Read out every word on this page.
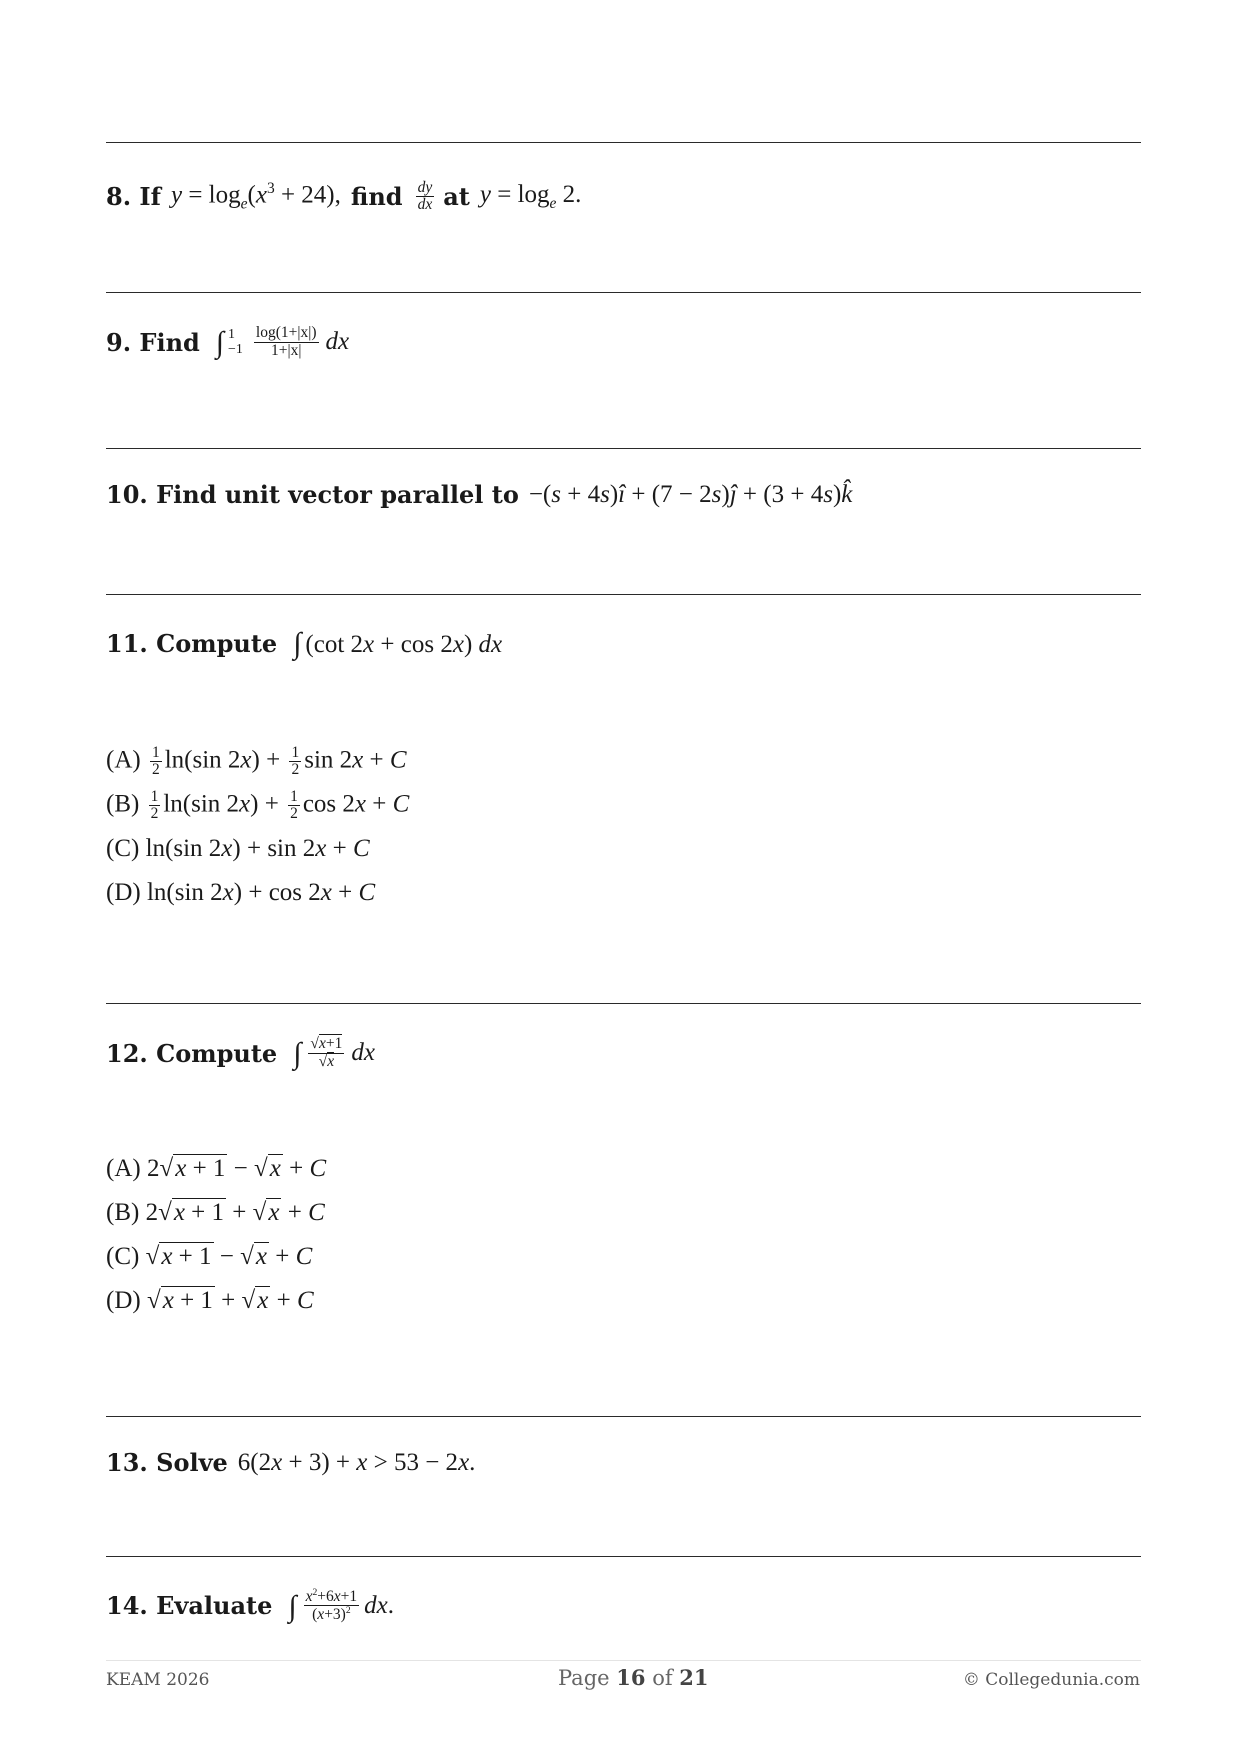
8. If $y = \log_e(x^3 + 24)$, find $\frac{dy}{dx}$ at $y = \log_e 2$.
9. Find ∫ 1
$-1 \frac{\log(1+|x|)}{1+|x|}$ dx
10. Find unit vector parallel to −(s + 4s)î + (7 − 2s)ĵ + (3 + 4s)k̂
11. Compute ∫ (cot 2x + cos 2x) dx
$(A) \frac{1}{2} \ln(\sin$ $2x) + \frac{1}{2}$ sin 2x + C
$(B) \frac{1}{2} \ln(\sin$ $2x) + \frac{1}{2}$ cos 2x + C
(C) ln(sin 2x) + sin 2x + C
(D) ln(sin 2x) + cos 2x + C
12. Compute ∫ $\frac{√x+1}{√x}$ dx
(A) 2√x + 1 − √x + C
(B) 2√x + 1 + √x + C
(C) √x + 1 − √x + C
(D) √x + 1 + √x + C
13. Solve 6(2x + 3) + x > 53 − 2x.
14. Evaluate ∫ $\frac{x^2+6x+1}{(x+3)^2}$ dx .
KEAM 2026	Page 16 of 21	© Collegedunia.com
